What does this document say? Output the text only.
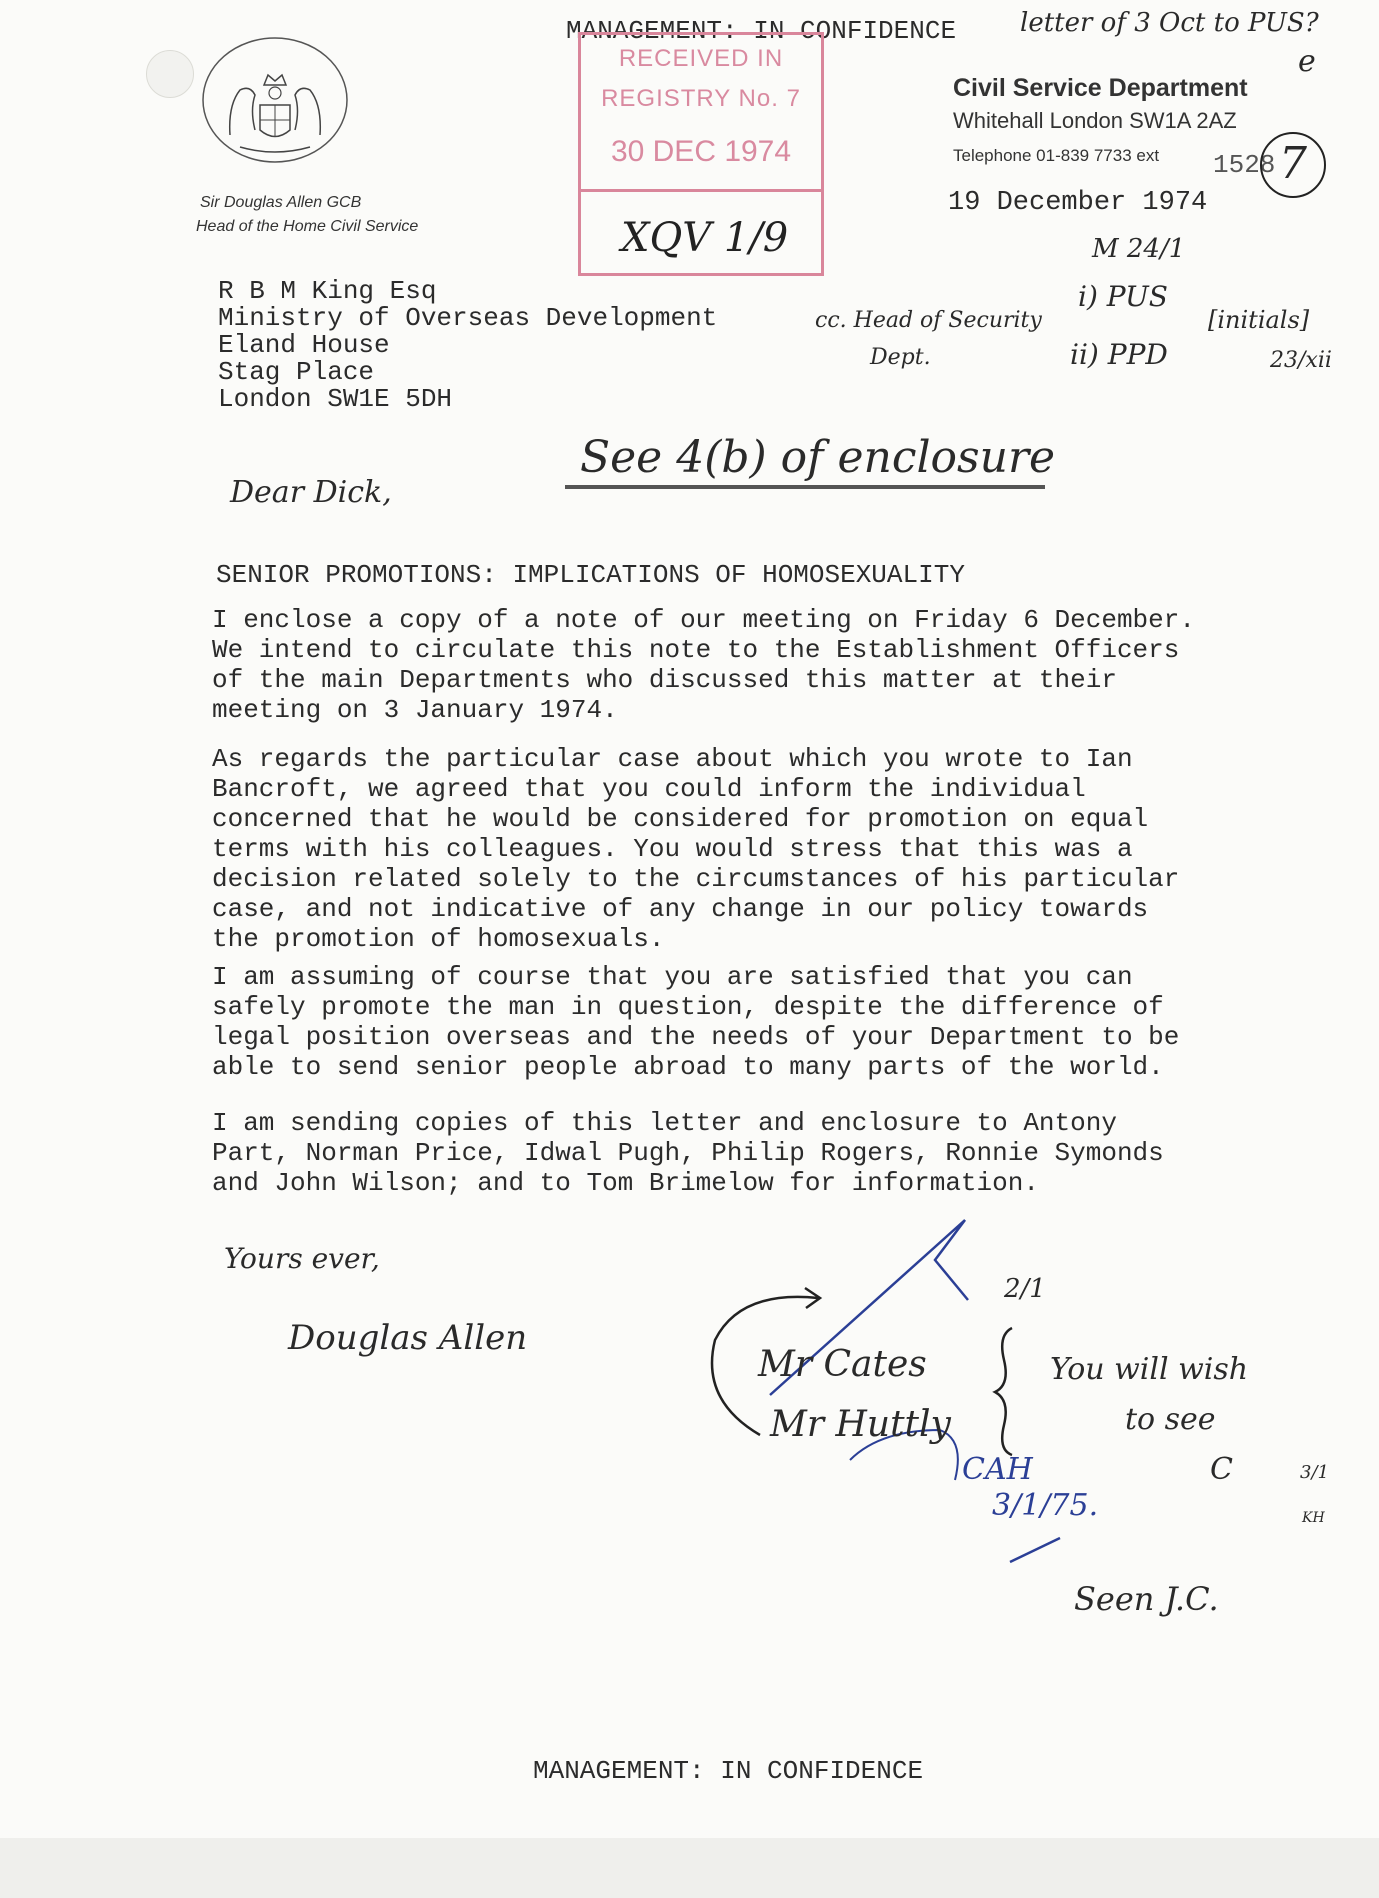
MANAGEMENT: IN CONFIDENCE
RECEIVED IN
REGISTRY No. 7
30 DEC 1974
XQV 1/9
Civil Service Department
Whitehall London SW1A 2AZ
Telephone 01-839 7733 ext 1528 7
19 December 1974
Sir Douglas Allen GCB
Head of the Home Civil Service
R B M King Esq
Ministry of Overseas Development
Eland House
Stag Place
London SW1E 5DH
letter of 3 Oct to PUS?
e
M 24/1
i) PUS
ii) PPD
cc. Head of Security
Dept.
[initials]
23/xii
See 4(b) of enclosure
Dear Dick,
SENIOR PROMOTIONS: IMPLICATIONS OF HOMOSEXUALITY
I enclose a copy of a note of our meeting on Friday 6 December.
We intend to circulate this note to the Establishment Officers
of the main Departments who discussed this matter at their
meeting on 3 January 1974.
As regards the particular case about which you wrote to Ian
Bancroft, we agreed that you could inform the individual
concerned that he would be considered for promotion on equal
terms with his colleagues. You would stress that this was a
decision related solely to the circumstances of his particular
case, and not indicative of any change in our policy towards
the promotion of homosexuals.
I am assuming of course that you are satisfied that you can
safely promote the man in question, despite the difference of
legal position overseas and the needs of your Department to be
able to send senior people abroad to many parts of the world.
I am sending copies of this letter and enclosure to Antony
Part, Norman Price, Idwal Pugh, Philip Rogers, Ronnie Symonds
and John Wilson; and to Tom Brimelow for information.
Yours ever,
Douglas Allen
Mr Cates
Mr Huttly
You will wish
to see
2/1
CAH
3/1/75.
C	3/1
KH
Seen J.C.
MANAGEMENT: IN CONFIDENCE
